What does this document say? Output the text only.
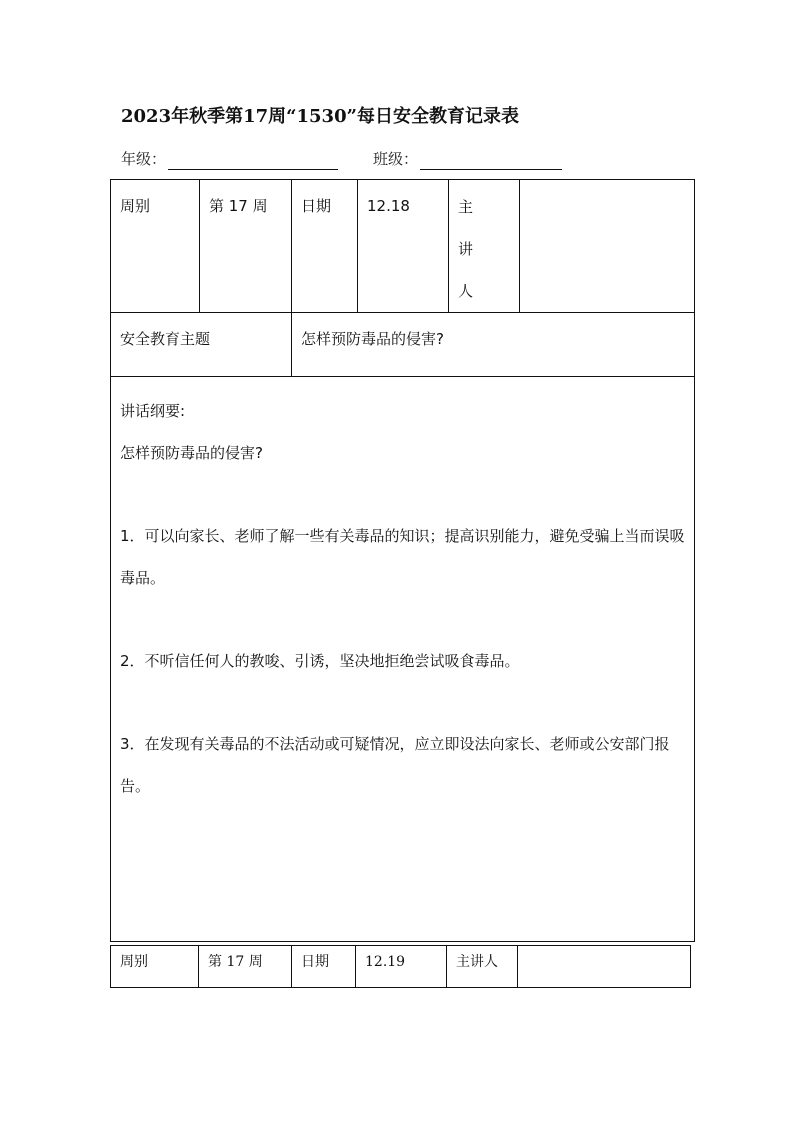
2023年秋季第17周“1530”每日安全教育记录表
年级：	班级：
周别	第 17 周	日期	12.18	主 讲
人	

安全教育主题		怎样预防毒品的侵害?			

讲话纲要:

怎样预防毒品的侵害?

1．可以向家长、老师了解一些有关毒品的知识；提高识别能力，避免受骗上当而误吸毒品。

2．不听信任何人的教唆、引诱，坚决地拒绝尝试吸食毒品。

3．在发现有关毒品的不法活动或可疑情况，应立即设法向家长、老师或公安部门报告。					

周别	第 17 周	日期	12.19	主讲人	
